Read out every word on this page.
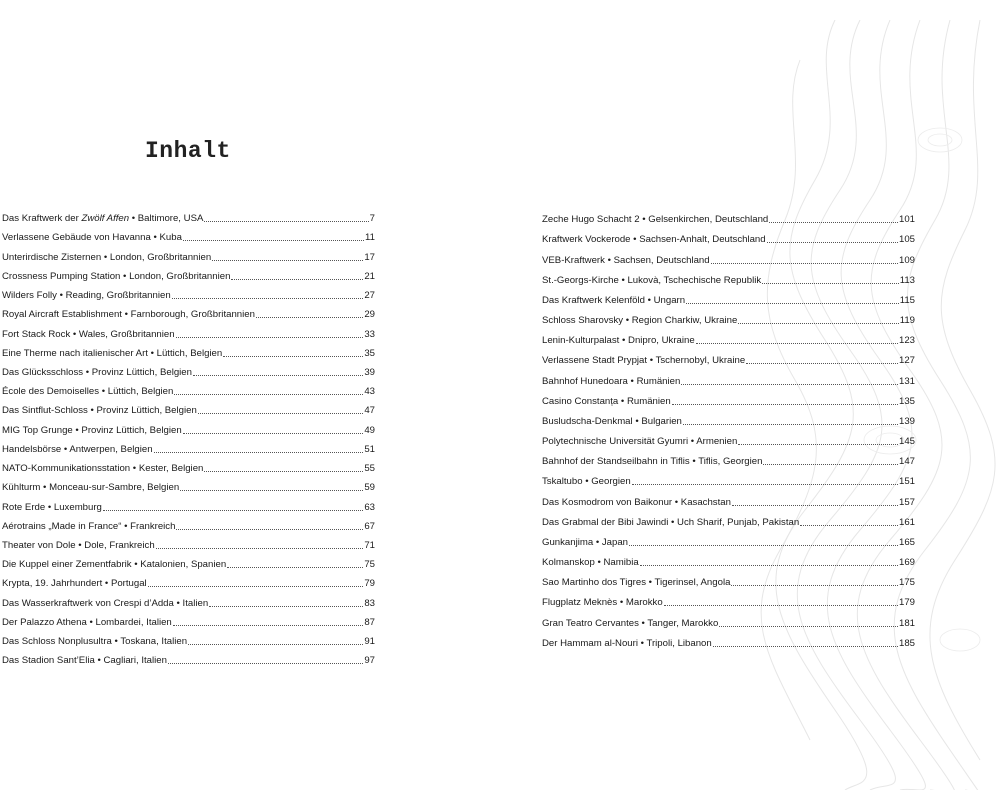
Inhalt
Das Kraftwerk der Zwölf Affen • Baltimore, USA	7
Verlassene Gebäude von Havanna • Kuba	11
Unterirdische Zisternen • London, Großbritannien	17
Crossness Pumping Station • London, Großbritannien	21
Wilders Folly • Reading, Großbritannien	27
Royal Aircraft Establishment • Farnborough, Großbritannien	29
Fort Stack Rock • Wales, Großbritannien	33
Eine Therme nach italienischer Art • Lüttich, Belgien	35
Das Glücksschloss • Provinz Lüttich, Belgien	39
École des Demoiselles • Lüttich, Belgien	43
Das Sintflut-Schloss • Provinz Lüttich, Belgien	47
MIG Top Grunge • Provinz Lüttich, Belgien	49
Handelsbörse • Antwerpen, Belgien	51
NATO-Kommunikationsstation • Kester, Belgien	55
Kühlturm • Monceau-sur-Sambre, Belgien	59
Rote Erde • Luxemburg	63
Aérotrains „Made in France“ • Frankreich	67
Theater von Dole • Dole, Frankreich	71
Die Kuppel einer Zementfabrik • Katalonien, Spanien	75
Krypta, 19. Jahrhundert • Portugal	79
Das Wasserkraftwerk von Crespi d’Adda • Italien	83
Der Palazzo Athena • Lombardei, Italien	87
Das Schloss Nonplusultra • Toskana, Italien	91
Das Stadion Sant’Elia • Cagliari, Italien	97
Zeche Hugo Schacht 2 • Gelsenkirchen, Deutschland	101
Kraftwerk Vockerode • Sachsen-Anhalt, Deutschland	105
VEB-Kraftwerk • Sachsen, Deutschland	109
St.-Georgs-Kirche • Lukovà, Tschechische Republik	113
Das Kraftwerk Kelenföld • Ungarn	115
Schloss Sharovsky • Region Charkiw, Ukraine	119
Lenin-Kulturpalast • Dnipro, Ukraine	123
Verlassene Stadt Prypjat • Tschernobyl, Ukraine	127
Bahnhof Hunedoara • Rumänien	131
Casino Constanța • Rumänien	135
Busludscha-Denkmal • Bulgarien	139
Polytechnische Universität Gyumri • Armenien	145
Bahnhof der Standseilbahn in Tiflis • Tiflis, Georgien	147
Tskaltubo • Georgien	151
Das Kosmodrom von Baikonur • Kasachstan	157
Das Grabmal der Bibi Jawindi • Uch Sharif, Punjab, Pakistan	161
Gunkanjima • Japan	165
Kolmanskop • Namibia	169
Sao Martinho dos Tigres • Tigerinsel, Angola	175
Flugplatz Meknès • Marokko	179
Gran Teatro Cervantes • Tanger, Marokko	181
Der Hammam al-Nouri • Tripoli, Libanon	185
